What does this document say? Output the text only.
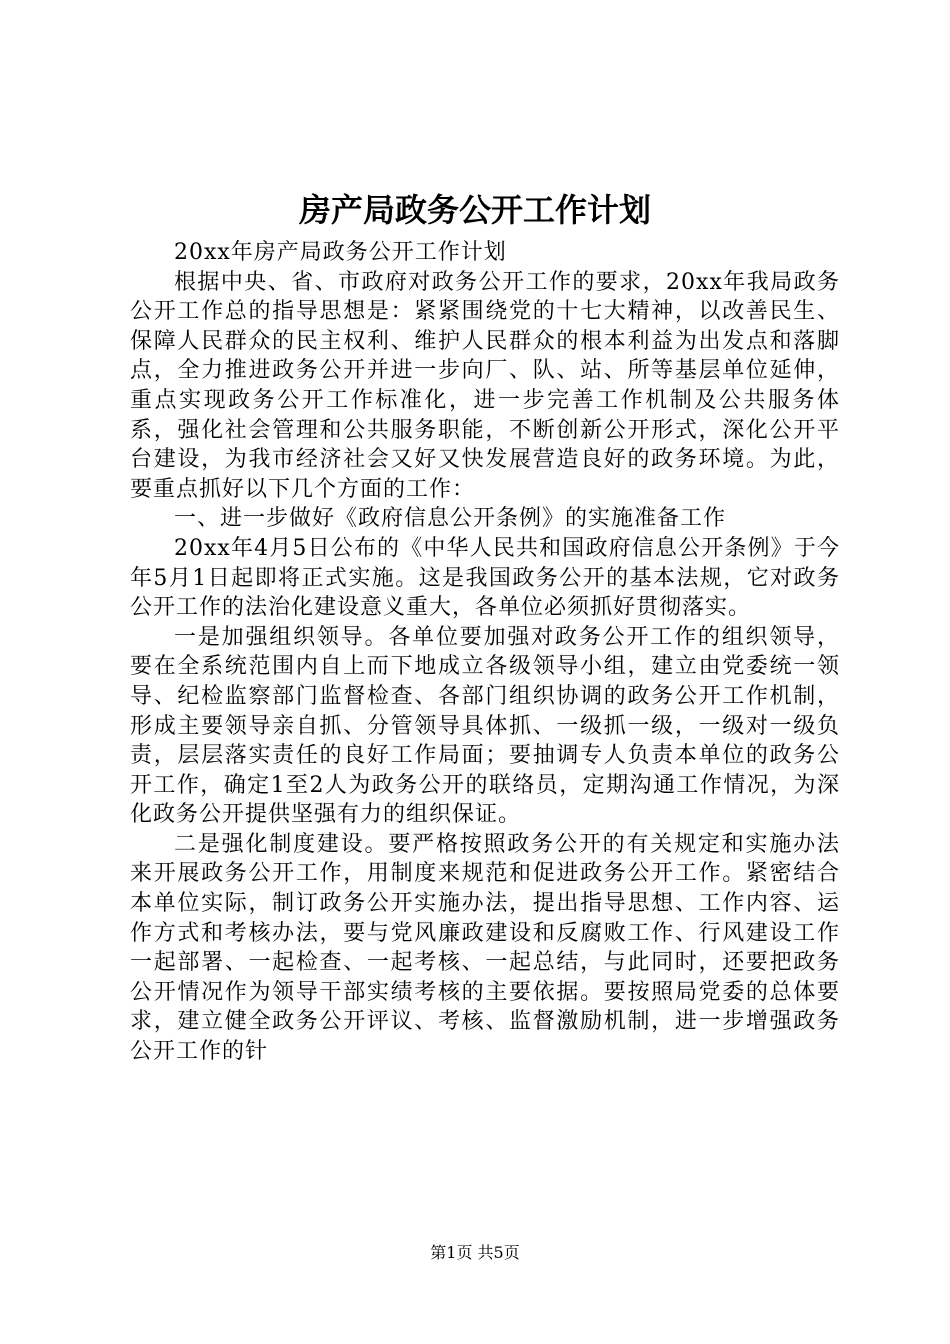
房产局政务公开工作计划

20xx年房产局政务公开工作计划

根据中央、省、市政府对政务公开工作的要求，20xx年我局政务公开工作总的指导思想是：紧紧围绕党的十七大精神，以改善民生、保障人民群众的民主权利、维护人民群众的根本利益为出发点和落脚点，全力推进政务公开并进一步向厂、队、站、所等基层单位延伸，重点实现政务公开工作标准化，进一步完善工作机制及公共服务体系，强化社会管理和公共服务职能，不断创新公开形式，深化公开平台建设，为我市经济社会又好又快发展营造良好的政务环境。为此，要重点抓好以下几个方面的工作：

一、进一步做好《政府信息公开条例》的实施准备工作

20xx年4月5日公布的《中华人民共和国政府信息公开条例》于今年5月1日起即将正式实施。这是我国政务公开的基本法规，它对政务公开工作的法治化建设意义重大，各单位必须抓好贯彻落实。

一是加强组织领导。各单位要加强对政务公开工作的组织领导，要在全系统范围内自上而下地成立各级领导小组，建立由党委统一领导、纪检监察部门监督检查、各部门组织协调的政务公开工作机制，形成主要领导亲自抓、分管领导具体抓、一级抓一级，一级对一级负责，层层落实责任的良好工作局面；要抽调专人负责本单位的政务公开工作，确定1至2人为政务公开的联络员，定期沟通工作情况，为深化政务公开提供坚强有力的组织保证。

二是强化制度建设。要严格按照政务公开的有关规定和实施办法来开展政务公开工作，用制度来规范和促进政务公开工作。紧密结合本单位实际，制订政务公开实施办法，提出指导思想、工作内容、运作方式和考核办法，要与党风廉政建设和反腐败工作、行风建设工作一起部署、一起检查、一起考核、一起总结，与此同时，还要把政务公开情况作为领导干部实绩考核的主要依据。要按照局党委的总体要求，建立健全政务公开评议、考核、监督激励机制，进一步增强政务公开工作的针

第1页 共5页
